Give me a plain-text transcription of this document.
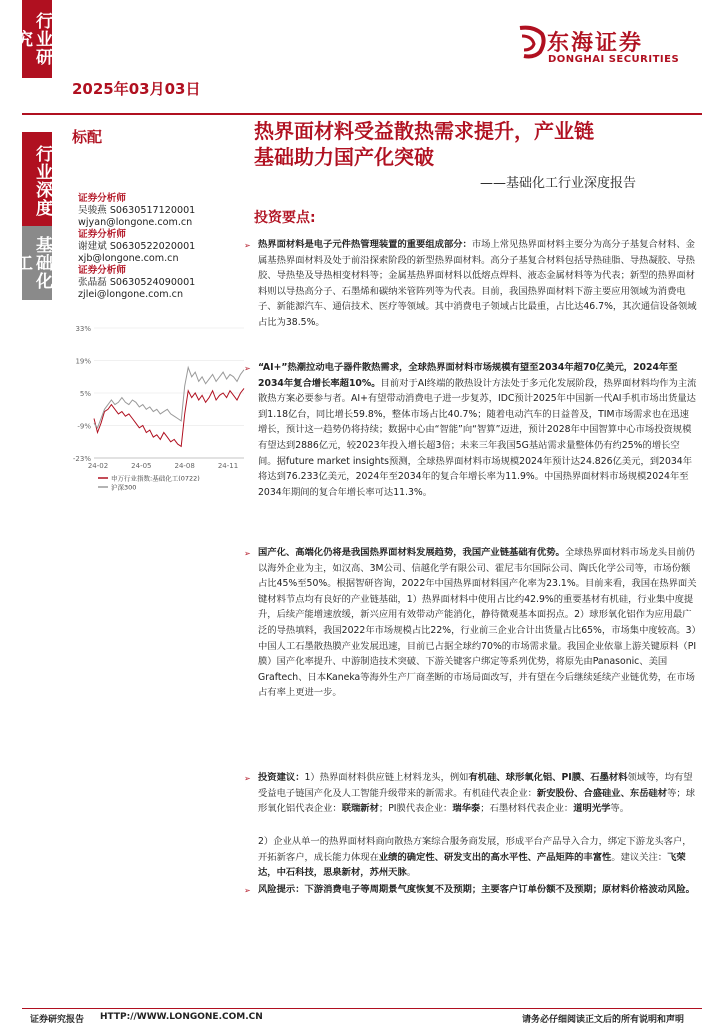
行业研究
行业深度
基础化工
东海证券
DONGHAI SECURITIES
2025年03月03日
标配	热界面材料受益散热需求提升，产业链
基础助力国产化突破
——基础化工行业深度报告
证券分析师
吴骏燕 S0630517120001
wjyan@longone.com.cn
证券分析师
谢建斌 S0630522020001
xjb@longone.com.cn
证券分析师
张晶磊 S0630524090001
zjlei@longone.com.cn
33%
19%
5%
-9%
-23%
24-02	24-05	24-08	24-11
申万行业指数:基础化工(0722)
沪深300
投资要点:
➢ 热界面材料是电子元件热管理装置的重要组成部分：市场上常见热界面材料主要分为高分子基复合材料、金属基热界面材料及处于前沿探索阶段的新型热界面材料。高分子基复合材料包括导热硅脂、导热凝胶、导热胶、导热垫及导热相变材料等；金属基热界面材料以低熔点焊料、液态金属材料等为代表；新型的热界面材料则以导热高分子、石墨烯和碳纳米管阵列等为代表。目前，我国热界面材料下游主要应用领域为消费电子、新能源汽车、通信技术、医疗等领域。其中消费电子领域占比最重，占比达46.7%，其次通信设备领域占比为38.5%。
➢ “AI+”热潮拉动电子器件散热需求，全球热界面材料市场规模有望至2034年超70亿美元，2024年至2034年复合增长率超10%。目前对于AI终端的散热设计方法处于多元化发展阶段，热界面材料均作为主流散热方案必要参与者。AI+有望带动消费电子进一步复苏，IDC预计2025年中国新一代AI手机市场出货量达到1.18亿台，同比增长59.8%，整体市场占比40.7%；随着电动汽车的日益普及，TIM市场需求也在迅速增长，预计这一趋势仍将持续；数据中心由“智能”向“智算”迈进，预计2028年中国智算中心市场投资规模有望达到2886亿元，较2023年投入增长超3倍；未来三年我国5G基站需求量整体仍有约25%的增长空间。据future market insights预测，全球热界面材料市场规模2024年预计达24.826亿美元，到2034年将达到76.233亿美元，2024年至2034年的复合年增长率为11.9%。中国热界面材料市场规模2024年至2034年期间的复合年增长率可达11.3%。
➢ 国产化、高端化仍将是我国热界面材料发展趋势，我国产业链基础有优势。全球热界面材料市场龙头目前仍以海外企业为主，如汉高、3M公司、信越化学有限公司、霍尼韦尔国际公司、陶氏化学公司等，市场份额占比45%至50%。根据智研咨询，2022年中国热界面材料国产化率为23.1%。目前来看，我国在热界面关键材料节点均有良好的产业链基础，1）热界面材料中使用占比约42.9%的重要基材有机硅，行业集中度提升，后续产能增速放缓，新兴应用有效带动产能消化，静待微观基本面拐点。2）球形氧化铝作为应用最广泛的导热填料，我国2022年市场规模占比22%，行业前三企业合计出货量占比65%，市场集中度较高。3）中国人工石墨散热膜产业发展迅速，目前已占据全球约70%的市场需求量。我国企业依靠上游关键原料（PI膜）国产化率提升、中游制造技术突破、下游关键客户绑定等系列优势，将原先由Panasonic、美国Graftech、日本Kaneka等海外生产厂商垄断的市场局面改写，并有望在今后继续延续产业链优势，在市场占有率上更进一步。
➢ 投资建议：1）热界面材料供应链上材料龙头，例如有机硅、球形氧化铝、PI膜、石墨材料领域等，均有望受益电子链国产化及人工智能升级带来的新需求。有机硅代表企业：新安股份、合盛硅业、东岳硅材等；球形氧化铝代表企业：联瑞新材；PI膜代表企业：瑞华泰；石墨材料代表企业：道明光学等。
2）企业从单一的热界面材料商向散热方案综合服务商发展，形成平台产品导入合力，绑定下游龙头客户，开拓新客户，成长能力体现在业绩的确定性、研发支出的高水平性、产品矩阵的丰富性。建议关注：飞荣达，中石科技，思泉新材，苏州天脉。
➢ 风险提示：下游消费电子等周期景气度恢复不及预期；主要客户订单份额不及预期；原材料价格波动风险。
证券研究报告 HTTP://WWW.LONGONE.COM.CN	请务必仔细阅读正文后的所有说明和声明
